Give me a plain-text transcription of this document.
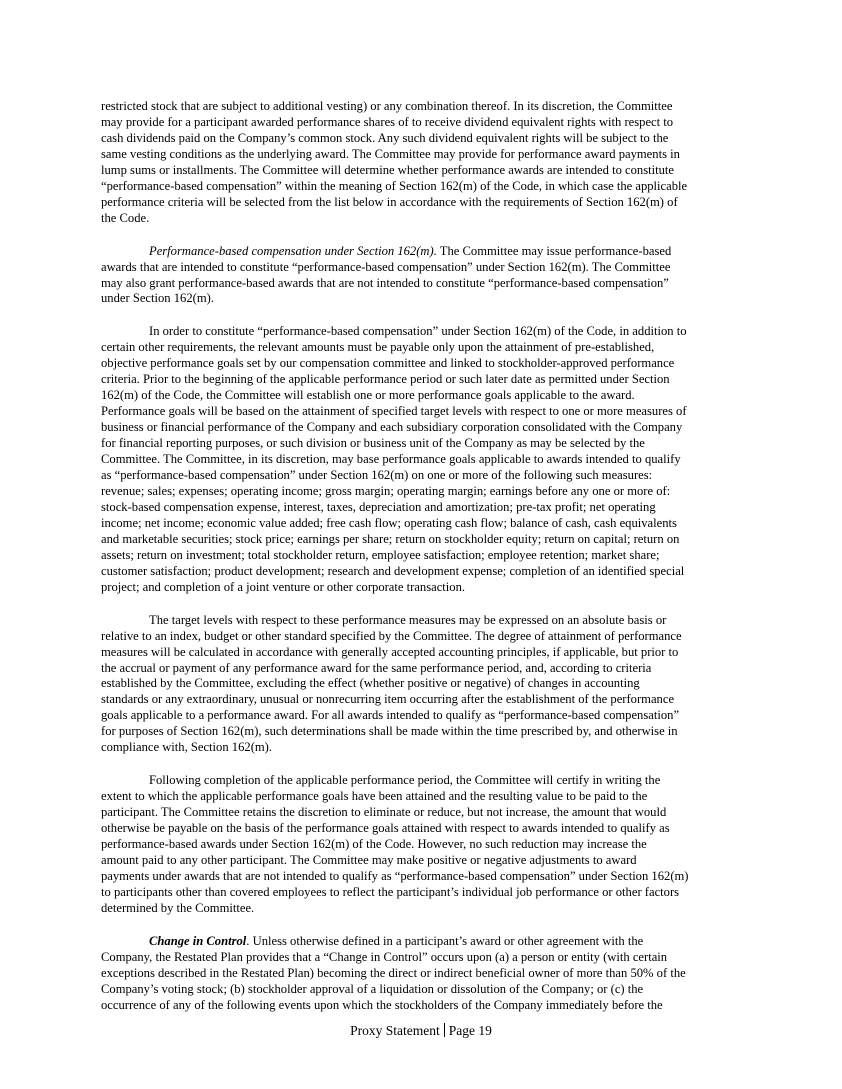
restricted stock that are subject to additional vesting) or any combination thereof. In its discretion, the Committee
may provide for a participant awarded performance shares of to receive dividend equivalent rights with respect to
cash dividends paid on the Company’s common stock. Any such dividend equivalent rights will be subject to the
same vesting conditions as the underlying award. The Committee may provide for performance award payments in
lump sums or installments. The Committee will determine whether performance awards are intended to constitute
“performance-based compensation” within the meaning of Section 162(m) of the Code, in which case the applicable
performance criteria will be selected from the list below in accordance with the requirements of Section 162(m) of
the Code.

Performance-based compensation under Section 162(m). The Committee may issue performance-based
awards that are intended to constitute “performance-based compensation” under Section 162(m). The Committee
may also grant performance-based awards that are not intended to constitute “performance-based compensation”
under Section 162(m).

In order to constitute “performance-based compensation” under Section 162(m) of the Code, in addition to
certain other requirements, the relevant amounts must be payable only upon the attainment of pre-established,
objective performance goals set by our compensation committee and linked to stockholder-approved performance
criteria. Prior to the beginning of the applicable performance period or such later date as permitted under Section
162(m) of the Code, the Committee will establish one or more performance goals applicable to the award.
Performance goals will be based on the attainment of specified target levels with respect to one or more measures of
business or financial performance of the Company and each subsidiary corporation consolidated with the Company
for financial reporting purposes, or such division or business unit of the Company as may be selected by the
Committee. The Committee, in its discretion, may base performance goals applicable to awards intended to qualify
as “performance-based compensation” under Section 162(m) on one or more of the following such measures:
revenue; sales; expenses; operating income; gross margin; operating margin; earnings before any one or more of:
stock-based compensation expense, interest, taxes, depreciation and amortization; pre-tax profit; net operating
income; net income; economic value added; free cash flow; operating cash flow; balance of cash, cash equivalents
and marketable securities; stock price; earnings per share; return on stockholder equity; return on capital; return on
assets; return on investment; total stockholder return, employee satisfaction; employee retention; market share;
customer satisfaction; product development; research and development expense; completion of an identified special
project; and completion of a joint venture or other corporate transaction.

The target levels with respect to these performance measures may be expressed on an absolute basis or
relative to an index, budget or other standard specified by the Committee. The degree of attainment of performance
measures will be calculated in accordance with generally accepted accounting principles, if applicable, but prior to
the accrual or payment of any performance award for the same performance period, and, according to criteria
established by the Committee, excluding the effect (whether positive or negative) of changes in accounting
standards or any extraordinary, unusual or nonrecurring item occurring after the establishment of the performance
goals applicable to a performance award. For all awards intended to qualify as “performance-based compensation”
for purposes of Section 162(m), such determinations shall be made within the time prescribed by, and otherwise in
compliance with, Section 162(m).

Following completion of the applicable performance period, the Committee will certify in writing the
extent to which the applicable performance goals have been attained and the resulting value to be paid to the
participant. The Committee retains the discretion to eliminate or reduce, but not increase, the amount that would
otherwise be payable on the basis of the performance goals attained with respect to awards intended to qualify as
performance-based awards under Section 162(m) of the Code. However, no such reduction may increase the
amount paid to any other participant. The Committee may make positive or negative adjustments to award
payments under awards that are not intended to qualify as “performance-based compensation” under Section 162(m)
to participants other than covered employees to reflect the participant’s individual job performance or other factors
determined by the Committee.

Change in Control. Unless otherwise defined in a participant’s award or other agreement with the
Company, the Restated Plan provides that a “Change in Control” occurs upon (a) a person or entity (with certain
exceptions described in the Restated Plan) becoming the direct or indirect beneficial owner of more than 50% of the
Company’s voting stock; (b) stockholder approval of a liquidation or dissolution of the Company; or (c) the
occurrence of any of the following events upon which the stockholders of the Company immediately before the

Proxy Statement Page 19
